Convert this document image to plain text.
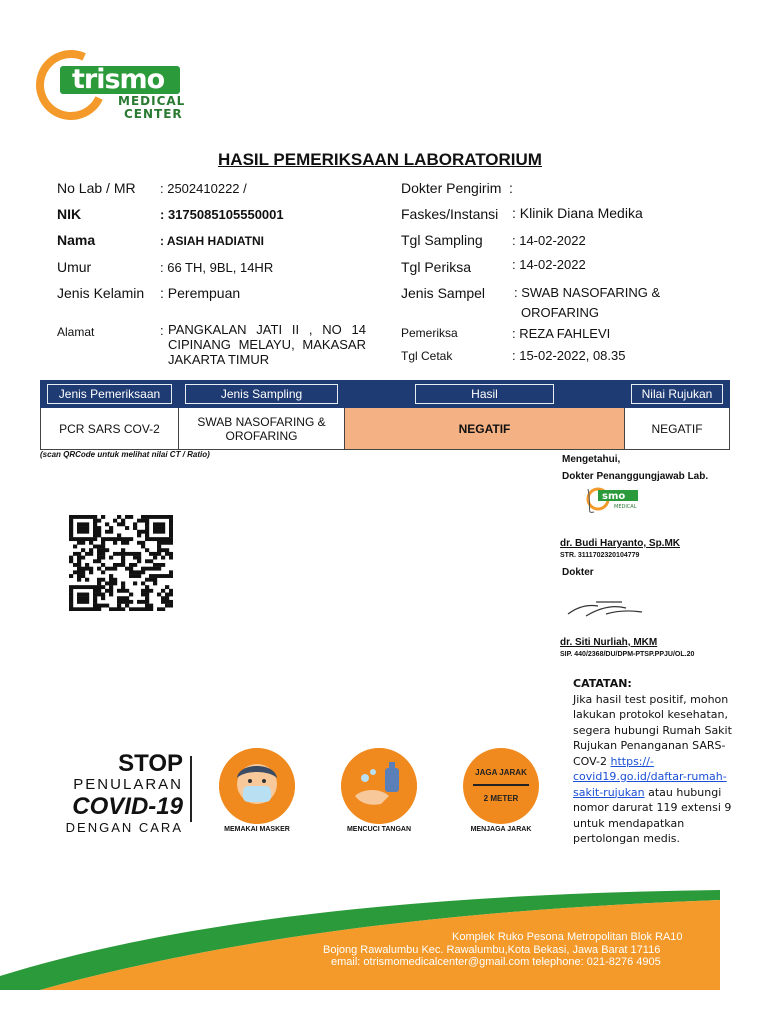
trismo
MEDICAL
CENTER
HASIL PEMERIKSAAN LABORATORIUM
No Lab / MR : 2502410222 /
NIK	: 3175085105550001
Nama	: ASIAH HADIATNI
Umur	: 66 TH, 9BL, 14HR
Jenis Kelamin : Perempuan
Alamat	: PANGKALAN JATI II , NO 14 CIPINANG MELAYU, MAKASAR JAKARTA TIMUR
Dokter Pengirim :
Faskes/Instansi : Klinik Diana Medika
Tgl Sampling : 14-02-2022
Tgl Periksa	: 14-02-2022
Jenis Sampel : SWAB NASOFARING &
OROFARING
Pemeriksa	: REZA FAHLEVI
Tgl Cetak	: 15-02-2022, 08.35
Jenis Pemeriksaan	Jenis Sampling	Hasil	Nilai Rujukan

PCR SARS COV-2	SWAB NASOFARING & OROFARING	NEGATIF	NEGATIF
(scan QRCode untuk melihat nilai CT / Ratio)	Mengetahui,
Dokter Penanggungjawab Lab.
smo
MEDICAL
dr. Budi Haryanto, Sp.MK
STR. 3111702320104779
Dokter
dr. Siti Nurliah, MKM
SIP. 440/2368/DU/DPM-PTSP.PPJU/OL.20
CATATAN:
Jika hasil test positif, mohon
lakukan protokol kesehatan,
segera hubungi Rumah Sakit
Rujukan Penanganan SARS-
COV-2 https://-
covid19.go.id/daftar-rumah-
sakit-rujukan atau hubungi
nomor darurat 119 extensi 9
untuk mendapatkan
pertolongan medis.
STOP
PENULARAN
COVID-19
DENGAN CARA	MEMAKAI MASKER	MENCUCI TANGAN
JAGA JARAK
2 METER
MENJAGA JARAK
Komplek Ruko Pesona Metropolitan Blok RA10
Bojong Rawalumbu Kec. Rawalumbu,Kota Bekasi, Jawa Barat 17116
email: otrismomedicalcenter@gmail.com telephone: 021-8276 4905
